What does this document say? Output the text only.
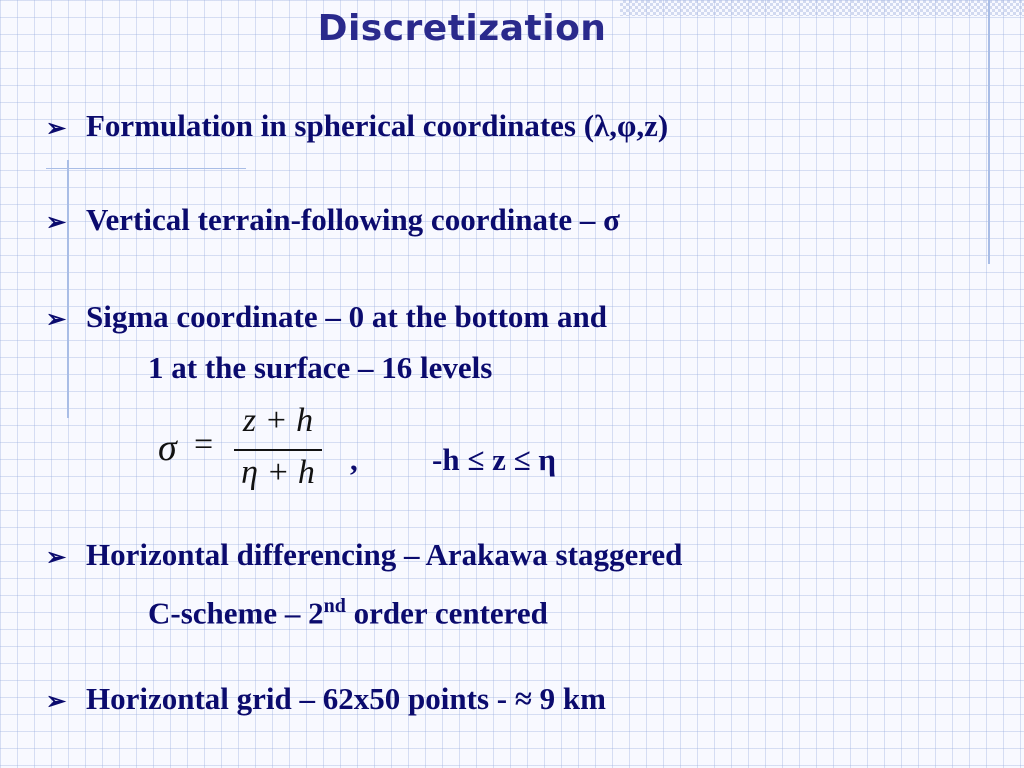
Discretization
➢ Formulation in spherical coordinates (λ,φ,z)
➢ Vertical terrain-following coordinate – σ
➢ Sigma coordinate – 0 at the bottom and
1 at the surface – 16 levels
σ =
z + h
η + h , -h ≤ z ≤ η
➢ Horizontal differencing – Arakawa staggered
C-scheme – 2nd order centered
➢ Horizontal grid – 62x50 points - ≈ 9 km
